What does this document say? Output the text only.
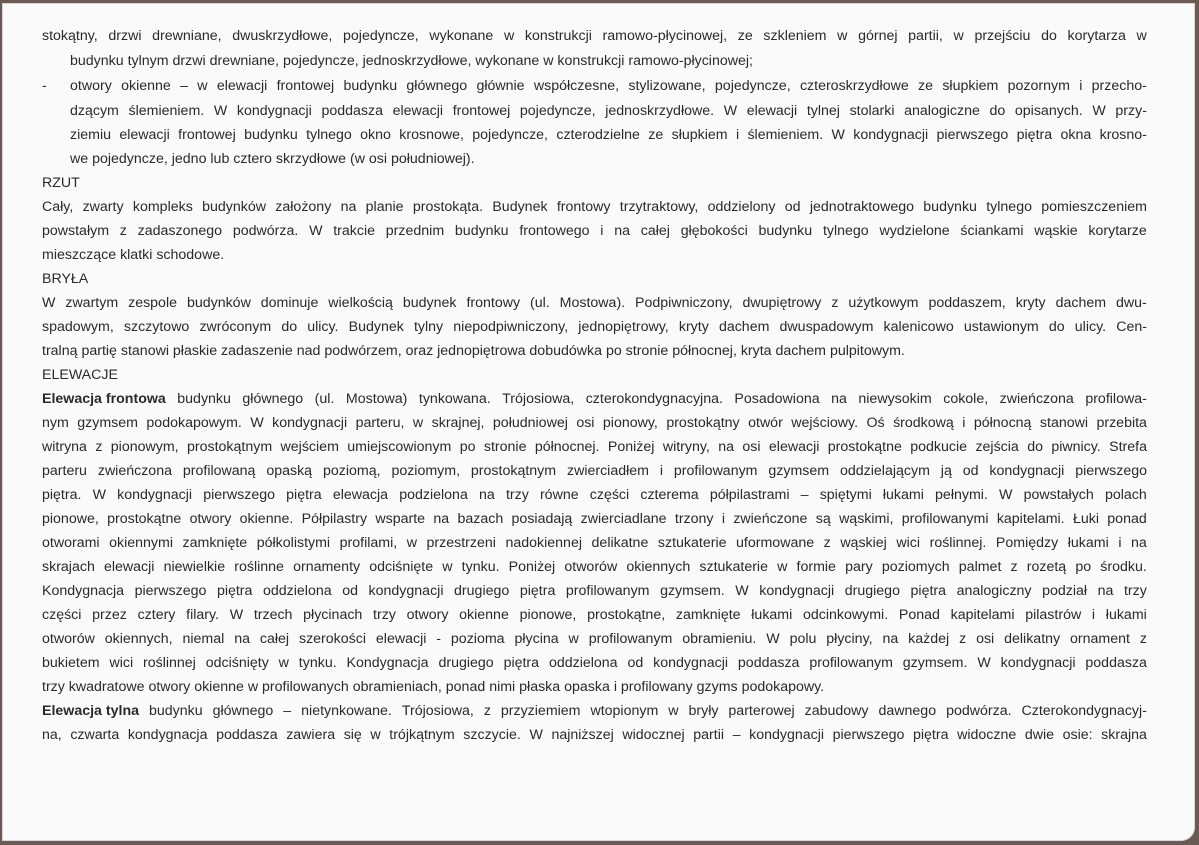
stokątny, drzwi drewniane, dwuskrzydłowe, pojedyncze, wykonane w konstrukcji ramowo-płycinowej, ze szkleniem w górnej partii, w przejściu do korytarza w
budynku tylnym drzwi drewniane, pojedyncze, jednoskrzydłowe, wykonane w konstrukcji ramowo-płycinowej;
- otwory okienne – w elewacji frontowej budynku głównego głównie współczesne, stylizowane, pojedyncze, czteroskrzydłowe ze słupkiem pozornym i przecho-
dzącym ślemieniem. W kondygnacji poddasza elewacji frontowej pojedyncze, jednoskrzydłowe. W elewacji tylnej stolarki analogiczne do opisanych. W przy-
ziemiu elewacji frontowej budynku tylnego okno krosnowe, pojedyncze, czterodzielne ze słupkiem i ślemieniem. W kondygnacji pierwszego piętra okna krosno-
we pojedyncze, jedno lub cztero skrzydłowe (w osi południowej).
RZUT
Cały, zwarty kompleks budynków założony na planie prostokąta. Budynek frontowy trzytraktowy, oddzielony od jednotraktowego budynku tylnego pomieszczeniem
powstałym z zadaszonego podwórza. W trakcie przednim budynku frontowego i na całej głębokości budynku tylnego wydzielone ściankami wąskie korytarze
mieszczące klatki schodowe.
BRYŁA
W zwartym zespole budynków dominuje wielkością budynek frontowy (ul. Mostowa). Podpiwniczony, dwupiętrowy z użytkowym poddaszem, kryty dachem dwu-
spadowym, szczytowo zwróconym do ulicy. Budynek tylny niepodpiwniczony, jednopiętrowy, kryty dachem dwuspadowym kalenicowo ustawionym do ulicy. Cen-
tralną partię stanowi płaskie zadaszenie nad podwórzem, oraz jednopiętrowa dobudówka po stronie północnej, kryta dachem pulpitowym.
ELEWACJE
Elewacja frontowa budynku głównego (ul. Mostowa) tynkowana. Trójosiowa, czterokondygnacyjna. Posadowiona na niewysokim cokole, zwieńczona profilowa-
nym gzymsem podokapowym. W kondygnacji parteru, w skrajnej, południowej osi pionowy, prostokątny otwór wejściowy. Oś środkową i północną stanowi przebita
witryna z pionowym, prostokątnym wejściem umiejscowionym po stronie północnej. Poniżej witryny, na osi elewacji prostokątne podkucie zejścia do piwnicy. Strefa
parteru zwieńczona profilowaną opaską poziomą, poziomym, prostokątnym zwierciadłem i profilowanym gzymsem oddzielającym ją od kondygnacji pierwszego
piętra. W kondygnacji pierwszego piętra elewacja podzielona na trzy równe części czterema półpilastrami – spiętymi łukami pełnymi. W powstałych polach
pionowe, prostokątne otwory okienne. Półpilastry wsparte na bazach posiadają zwierciadlane trzony i zwieńczone są wąskimi, profilowanymi kapitelami. Łuki ponad
otworami okiennymi zamknięte półkolistymi profilami, w przestrzeni nadokiennej delikatne sztukaterie uformowane z wąskiej wici roślinnej. Pomiędzy łukami i na
skrajach elewacji niewielkie roślinne ornamenty odciśnięte w tynku. Poniżej otworów okiennych sztukaterie w formie pary poziomych palmet z rozetą po środku.
Kondygnacja pierwszego piętra oddzielona od kondygnacji drugiego piętra profilowanym gzymsem. W kondygnacji drugiego piętra analogiczny podział na trzy
części przez cztery filary. W trzech płycinach trzy otwory okienne pionowe, prostokątne, zamknięte łukami odcinkowymi. Ponad kapitelami pilastrów i łukami
otworów okiennych, niemal na całej szerokości elewacji - pozioma płycina w profilowanym obramieniu. W polu płyciny, na każdej z osi delikatny ornament z
bukietem wici roślinnej odciśnięty w tynku. Kondygnacja drugiego piętra oddzielona od kondygnacji poddasza profilowanym gzymsem. W kondygnacji poddasza
trzy kwadratowe otwory okienne w profilowanych obramieniach, ponad nimi płaska opaska i profilowany gzyms podokapowy.
Elewacja tylna budynku głównego – nietynkowane. Trójosiowa, z przyziemiem wtopionym w bryły parterowej zabudowy dawnego podwórza. Czterokondygnacyj-
na, czwarta kondygnacja poddasza zawiera się w trójkątnym szczycie. W najniższej widocznej partii – kondygnacji pierwszego piętra widoczne dwie osie: skrajna
